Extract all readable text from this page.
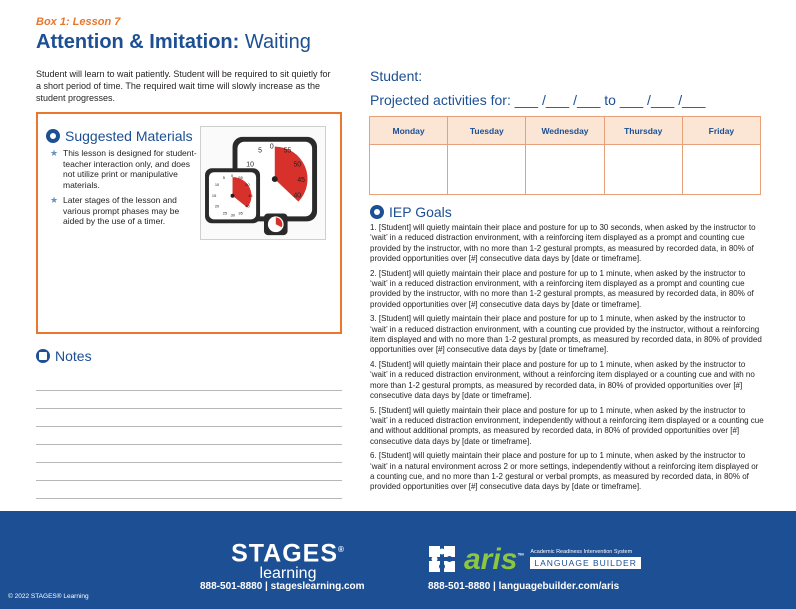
Box 1: Lesson 7
Attention & Imitation: Waiting

Student will learn to wait patiently. Student will be required to sit quietly for a short period of time. The required wait time will slowly increase as the student progresses.

Suggested Materials
★ This lesson is designed for student-teacher interaction only, and does not utilize print or manipulative materials.
★ Later stages of the lesson and various prompt phases may be aided by the use of a timer.
0
5	55
50
45
40
10
0 55
50
45
40
35
30
25
20
15
10
5
Notes
Student:
Projected activities for: ___ /___ /___ to ___ /___ /___
Monday	Tuesday	Wednesday	Thursday	Friday

IEP Goals

1. [Student] will quietly maintain their place and posture for up to 30 seconds, when asked by the instructor to ‘wait’ in a reduced distraction environment, with a reinforcing item displayed as a prompt and counting cue provided by the instructor, with no more than 1-2 gestural prompts, as measured by recorded data, in 80% of provided opportunities over [#] consecutive data days by [date or timeframe].

2. [Student] will quietly maintain their place and posture for up to 1 minute, when asked by the instructor to ‘wait’ in a reduced distraction environment, with a reinforcing item displayed as a prompt and counting cue provided by the instructor, with no more than 1-2 gestural prompts, as measured by recorded data, in 80% of provided opportunities over [#] consecutive data days by [date or timeframe].

3. [Student] will quietly maintain their place and posture for up to 1 minute, when asked by the instructor to ‘wait’ in a reduced distraction environment, with a counting cue provided by the instructor, without a reinforcing item displayed and with no more than 1-2 gestural prompts, as measured by recorded data, in 80% of provided opportunities over [#] consecutive data days by [date or timeframe].

4. [Student] will quietly maintain their place and posture for up to 1 minute, when asked by the instructor to ‘wait’ in a reduced distraction environment, without a reinforcing item displayed or a counting cue and with no more than 1-2 gestural prompts, as measured by recorded data, in 80% of provided opportunities over [#] consecutive data days by [date or timeframe].

5. [Student] will quietly maintain their place and posture for up to 1 minute, when asked by the instructor to ‘wait’ in a reduced distraction environment, independently without a reinforcing item displayed or a counting cue and without additional prompts, as measured by recorded data, in 80% of provided opportunities over [#] consecutive data days by [date or timeframe].

6. [Student] will quietly maintain their place and posture for up to 1 minute, when asked by the instructor to ‘wait’ in a natural environment across 2 or more settings, independently without a reinforcing item displayed or a counting cue, and no more than 1-2 gestural or verbal prompts, as measured by recorded data, in 80% of provided opportunities over [#] consecutive data days by [date or timeframe].

STAGES®
learning
888-501-8880 | stageslearning.com
aris™
Academic Readiness Intervention System
LANGUAGE BUILDER
888-501-8880 | languagebuilder.com/aris
© 2022 STAGES® Learning
